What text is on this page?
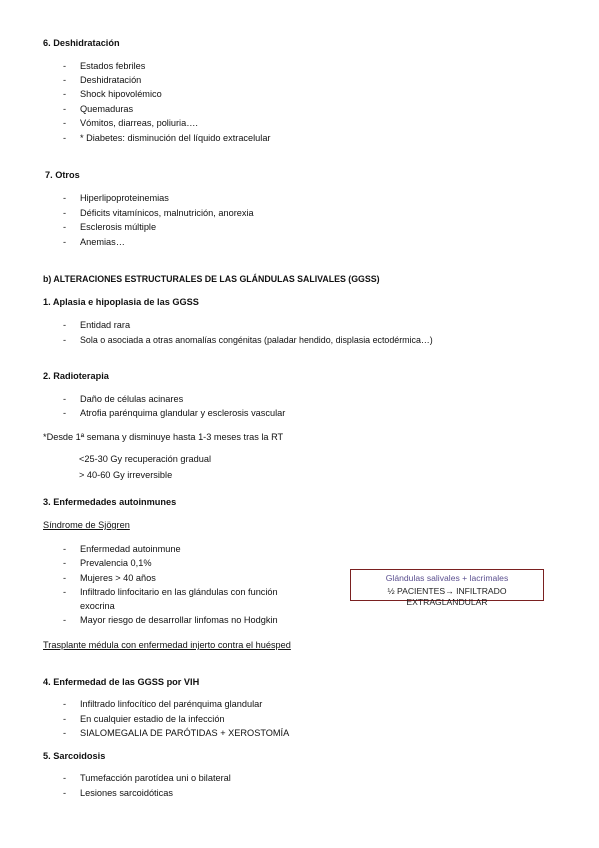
6. Deshidratación
- Estados febriles
- Deshidratación
- Shock hipovolémico
- Quemaduras
- Vómitos, diarreas, poliuria….
- * Diabetes: disminución del líquido extracelular
7. Otros
- Hiperlipoproteinemias
- Déficits vitamínicos, malnutrición, anorexia
- Esclerosis múltiple
- Anemias…
b) ALTERACIONES ESTRUCTURALES DE LAS GLÁNDULAS SALIVALES (GGSS)
1. Aplasia e hipoplasia de las GGSS
- Entidad rara
- Sola o asociada a otras anomalías congénitas (paladar hendido, displasia ectodérmica…)
2. Radioterapia
- Daño de células acinares
- Atrofia parénquima glandular y esclerosis vascular
*Desde 1ª semana y disminuye hasta 1-3 meses tras la RT
<25-30 Gy recuperación gradual
> 40-60 Gy irreversible
3. Enfermedades autoinmunes
Síndrome de Sjögren
- Enfermedad autoinmune
- Prevalencia 0,1%
- Mujeres > 40 años
- Infiltrado linfocitario en las glándulas con función
exocrina
- Mayor riesgo de desarrollar linfomas no Hodgkin
Glándulas salivales + lacrimales
½ PACIENTES→ INFILTRADO EXTRAGLANDULAR
Trasplante médula con enfermedad injerto contra el huésped
4. Enfermedad de las GGSS por VIH
- Infiltrado linfocítico del parénquima glandular
- En cualquier estadio de la infección
- SIALOMEGALIA DE PARÓTIDAS + XEROSTOMÍA
5. Sarcoidosis
- Tumefacción parotídea uni o bilateral
- Lesiones sarcoidóticas
